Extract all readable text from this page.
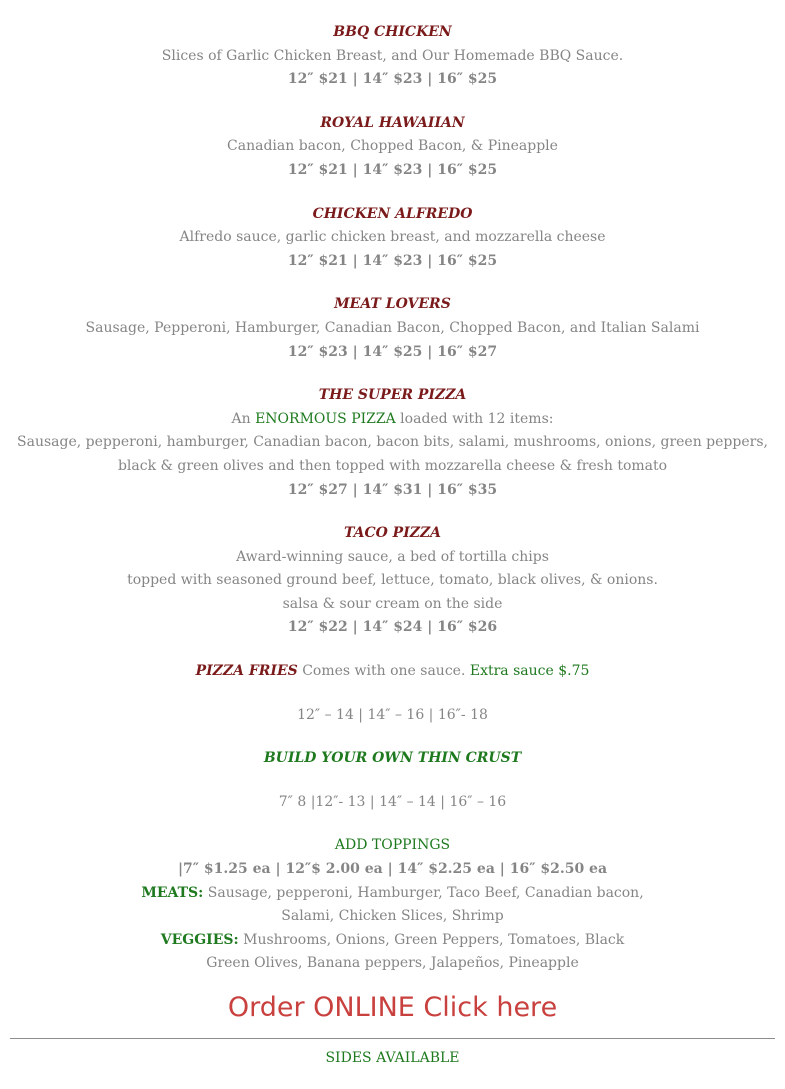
BBQ CHICKEN
Slices of Garlic Chicken Breast, and Our Homemade BBQ Sauce.
12″ $21 | 14″ $23 | 16″ $25
ROYAL HAWAIIAN
Canadian bacon, Chopped Bacon, & Pineapple
12″ $21 | 14″ $23 | 16″ $25
CHICKEN ALFREDO
Alfredo sauce, garlic chicken breast, and mozzarella cheese
12″ $21 | 14″ $23 | 16″ $25
MEAT LOVERS
Sausage, Pepperoni, Hamburger, Canadian Bacon, Chopped Bacon, and Italian Salami
12″ $23 | 14″ $25 | 16″ $27
THE SUPER PIZZA
An ENORMOUS PIZZA loaded with 12 items:
Sausage, pepperoni, hamburger, Canadian bacon, bacon bits, salami, mushrooms, onions, green peppers,
black & green olives and then topped with mozzarella cheese & fresh tomato
12″ $27 | 14″ $31 | 16″ $35
TACO PIZZA
Award-winning sauce, a bed of tortilla chips
topped with seasoned ground beef, lettuce, tomato, black olives, & onions.
salsa & sour cream on the side
12″ $22 | 14″ $24 | 16″ $26
PIZZA FRIES Comes with one sauce. Extra sauce $.75
12″ – 14 | 14″ – 16 | 16″- 18
BUILD YOUR OWN THIN CRUST
7″ 8 |12″- 13 | 14″ – 14 | 16″ – 16
ADD TOPPINGS
|7″ $1.25 ea | 12″$ 2.00 ea | 14″ $2.25 ea | 16″ $2.50 ea
MEATS: Sausage, pepperoni, Hamburger, Taco Beef, Canadian bacon,
Salami, Chicken Slices, Shrimp
VEGGIES: Mushrooms, Onions, Green Peppers, Tomatoes, Black
Green Olives, Banana peppers, Jalapeños, Pineapple
Order ONLINE Click here
SIDES AVAILABLE
